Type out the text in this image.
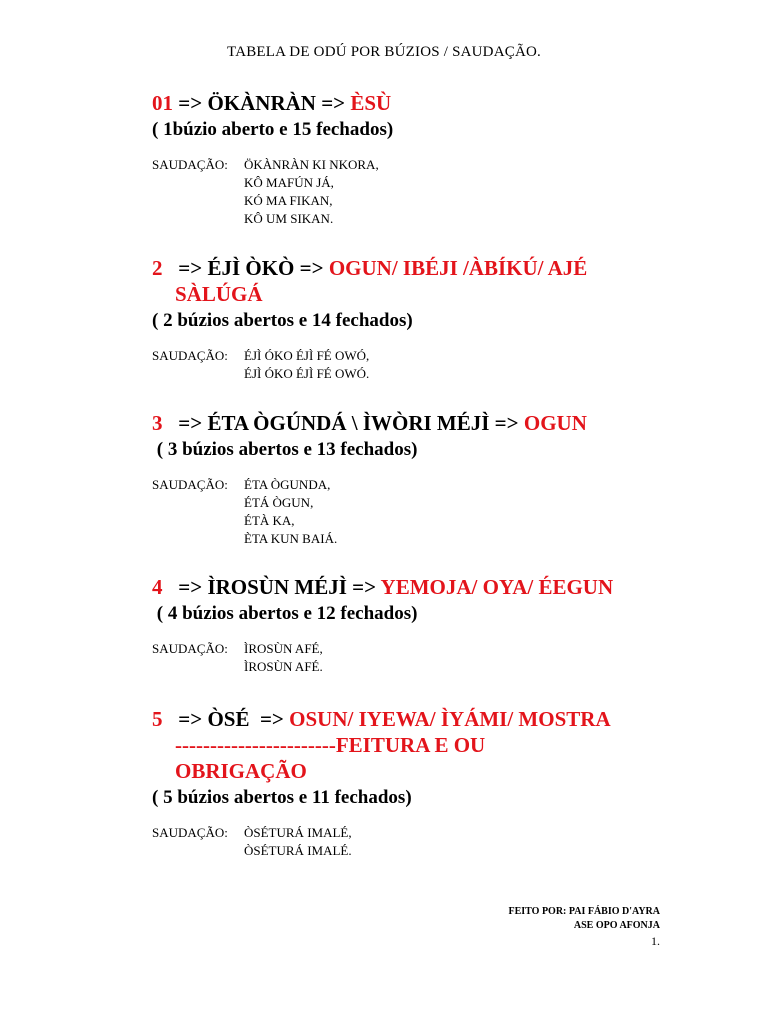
TABELA DE ODÚ POR BÚZIOS / SAUDAÇÃO.
01 => ÖKÀNRÀN => ÈSÙ
( 1búzio aberto e 15 fechados)
SAUDAÇÃO: ÖKÀNRÀN KI NKORA,
KÔ MAFÚN JÁ,
KÓ MA FIKAN,
KÔ UM SIKAN.
2 => ÉJÌ ÒKÒ => OGUN/ IBÉJI /ÀBÍKÚ/ AJÉ
SÀLÚGÁ
( 2 búzios abertos e 14 fechados)
SAUDAÇÃO: ÉJÌ ÓKO ÉJÌ FÉ OWÓ,
ÉJÌ ÓKO ÉJÌ FÉ OWÓ.
3 => ÉTA ÒGÚNDÁ \ ÌWÒRI MÉJÌ => OGUN
( 3 búzios abertos e 13 fechados)
SAUDAÇÃO: ÉTA ÒGUNDA,
ÉTÁ ÒGUN,
ÉTÀ KA,
ÈTA KUN BAIÁ.
4 => ÌROSÙN MÉJÌ => YEMOJA/ OYA/ ÉEGUN
( 4 búzios abertos e 12 fechados)
SAUDAÇÃO: ÌROSÙN AFÉ,
ÌROSÙN AFÉ.
5 => ÒSÉ => OSUN/ IYEWA/ ÌYÁMI/ MOSTRA
-----------------------FEITURA E OU
OBRIGAÇÃO
( 5 búzios abertos e 11 fechados)
SAUDAÇÃO: ÒSÉTURÁ IMALÉ,
ÒSÉTURÁ IMALÉ.
FEITO POR: PAI FÁBIO D'AYRA
ASE OPO AFONJA
1.
